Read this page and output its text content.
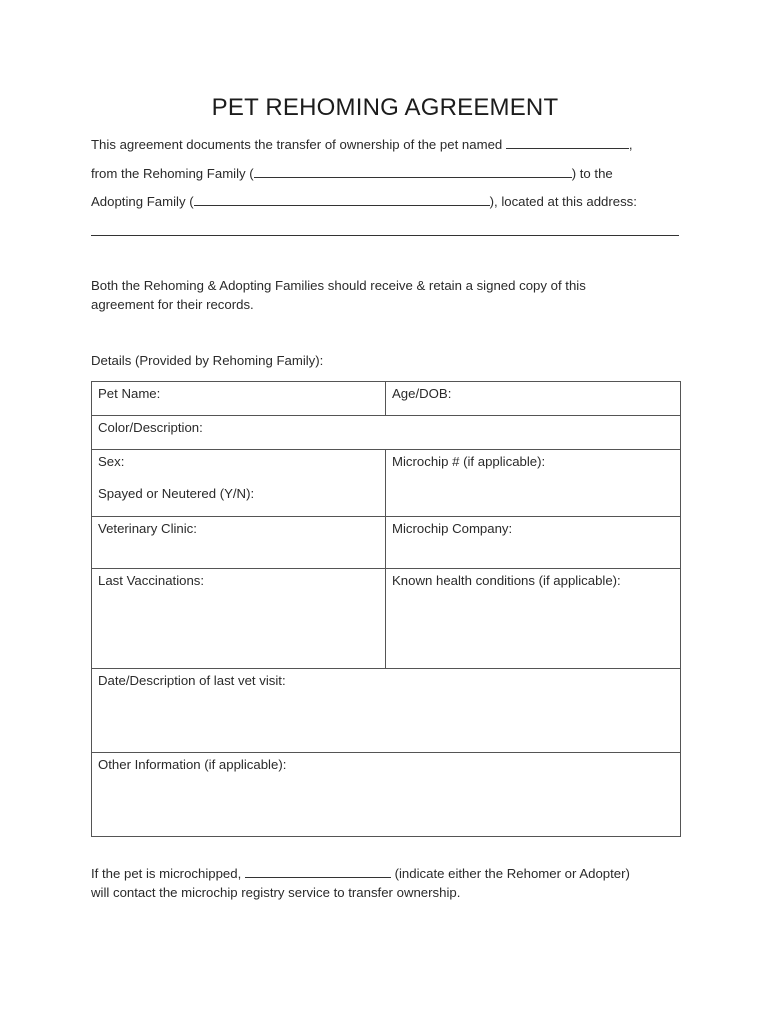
PET REHOMING AGREEMENT
This agreement documents the transfer of ownership of the pet named	,
from the Rehoming Family (	) to the
Adopting Family (	), located at this address:
Both the Rehoming & Adopting Families should receive & retain a signed copy of this
agreement for their records.
Details (Provided by Rehoming Family):
Pet Name:	Age/DOB:
Color/Description:	

Sex:
Spayed or Neutered (Y/N):	Microchip # (if applicable):
Veterinary Clinic:	Microchip Company:
Last Vaccinations:	Known health conditions (if applicable):
Date/Description of last vet visit:	
Other Information (if applicable):	
If the pet is microchipped,	(indicate either the Rehomer or Adopter)
will contact the microchip registry service to transfer ownership.
